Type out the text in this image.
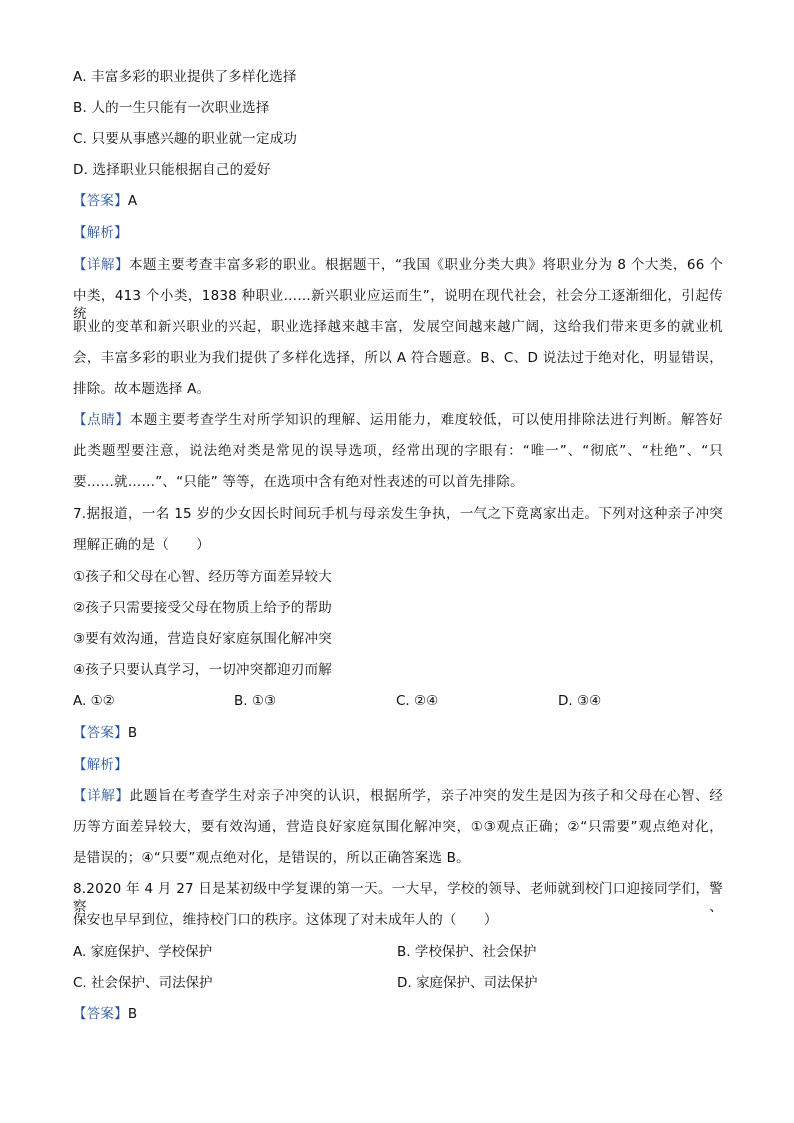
A. 丰富多彩的职业提供了多样化选择
B. 人的一生只能有一次职业选择
C. 只要从事感兴趣的职业就一定成功
D. 选择职业只能根据自己的爱好
【答案】A
【解析】
【详解】本题主要考查丰富多彩的职业。根据题干，“我国《职业分类大典》将职业分为 8 个大类，66 个
中类，413 个小类，1838 种职业……新兴职业应运而生”，说明在现代社会，社会分工逐渐细化，引起传统
职业的变革和新兴职业的兴起，职业选择越来越丰富，发展空间越来越广阔，这给我们带来更多的就业机
会，丰富多彩的职业为我们提供了多样化选择，所以 A 符合题意。B、C、D 说法过于绝对化，明显错误，
排除。故本题选择 A。
【点睛】本题主要考查学生对所学知识的理解、运用能力，难度较低，可以使用排除法进行判断。解答好
此类题型要注意，说法绝对类是常见的误导选项，经常出现的字眼有：“唯一”、“彻底”、“杜绝”、“只
要……就……”、“只能” 等等，在选项中含有绝对性表述的可以首先排除。
7.据报道，一名 15 岁的少女因长时间玩手机与母亲发生争执，一气之下竟离家出走。下列对这种亲子冲突
理解正确的是（　　）
①孩子和父母在心智、经历等方面差异较大
②孩子只需要接受父母在物质上给予的帮助
③要有效沟通，营造良好家庭氛围化解冲突
④孩子只要认真学习，一切冲突都迎刃而解
A. ①②	B. ①③	C. ②④	D. ③④
【答案】B
【解析】
【详解】此题旨在考查学生对亲子冲突的认识，根据所学，亲子冲突的发生是因为孩子和父母在心智、经
历等方面差异较大，要有效沟通，营造良好家庭氛围化解冲突，①③观点正确；②“只需要”观点绝对化，
是错误的；④“只要”观点绝对化，是错误的，所以正确答案选 B。
8.2020 年 4 月 27 日是某初级中学复课的第一天。一大早，学校的领导、老师就到校门口迎接同学们，警察、
保安也早早到位，维持校门口的秩序。这体现了对未成年人的（　　）
A. 家庭保护、学校保护	B. 学校保护、社会保护
C. 社会保护、司法保护	D. 家庭保护、司法保护
【答案】B
